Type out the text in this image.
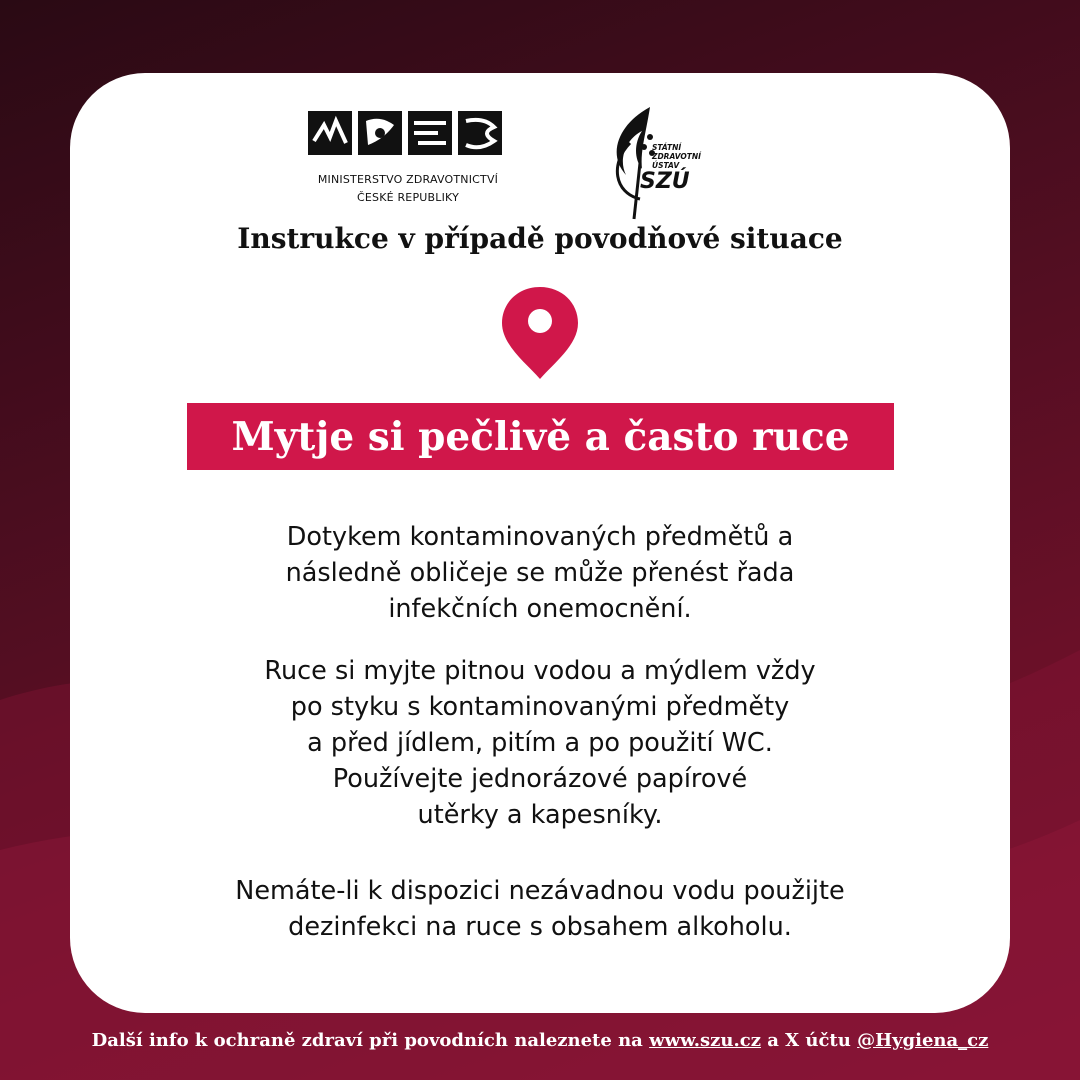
MINISTERSTVO ZDRAVOTNICTVÍ
ČESKÉ REPUBLIKY
STÁTNÍ
ZDRAVOTNÍ
ÚSTAV
SZÚ
Instrukce v případě povodňové situace
Mytje si pečlivě a často ruce
Dotykem kontaminovaných předmětů a
následně obličeje se může přenést řada
infekčních onemocnění.
Ruce si myjte pitnou vodou a mýdlem vždy
po styku s kontaminovanými předměty
a před jídlem, pitím a po použití WC.
Používejte jednorázové papírové
utěrky a kapesníky.
Nemáte-li k dispozici nezávadnou vodu použijte
dezinfekci na ruce s obsahem alkoholu.
Další info k ochraně zdraví při povodních naleznete na www.szu.cz a X účtu @Hygiena_cz
